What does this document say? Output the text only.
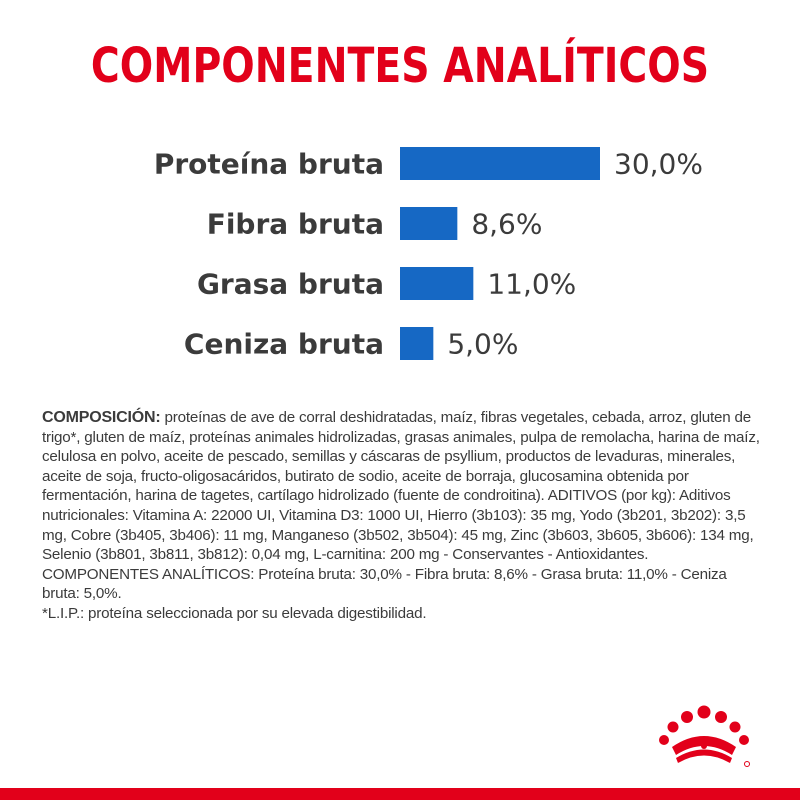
COMPONENTES ANALÍTICOS
Proteína bruta	30,0%
Fibra bruta	8,6%
Grasa bruta	11,0%
Ceniza bruta 5,0%
COMPOSICIÓN: proteínas de ave de corral deshidratadas, maíz, fibras vegetales, cebada, arroz, gluten de trigo*, gluten de maíz, proteínas animales hidrolizadas, grasas animales, pulpa de remolacha, harina de maíz, celulosa en polvo, aceite de pescado, semillas y cáscaras de psyllium, productos de levaduras, minerales, aceite de soja, fructo-oligosacáridos, butirato de sodio, aceite de borraja, glucosamina obtenida por fermentación, harina de tagetes, cartílago hidrolizado (fuente de condroitina). ADITIVOS (por kg): Aditivos nutricionales: Vitamina A: 22000 UI, Vitamina D3: 1000 UI, Hierro (3b103): 35 mg, Yodo (3b201, 3b202): 3,5 mg, Cobre (3b405, 3b406): 11 mg, Manganeso (3b502, 3b504): 45 mg, Zinc (3b603, 3b605, 3b606): 134 mg, Selenio (3b801, 3b811, 3b812): 0,04 mg, L-carnitina: 200 mg - Conservantes - Antioxidantes. COMPONENTES ANALÍTICOS: Proteína bruta: 30,0% - Fibra bruta: 8,6% - Grasa bruta: 11,0% - Ceniza bruta: 5,0%.
*L.I.P.: proteína seleccionada por su elevada digestibilidad.
